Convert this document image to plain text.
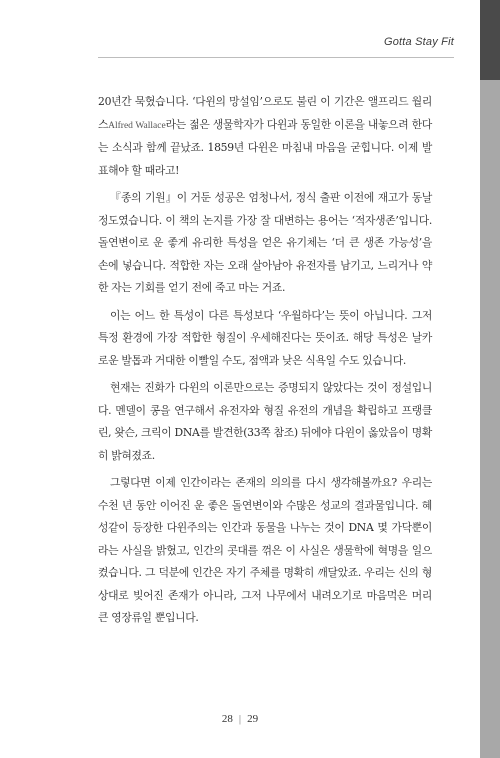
Gotta Stay Fit

20년간 묵혔습니다. ‘다윈의 망설임’으로도 불린 이 기간은 앨프리드 월리스Alfred Wallace라는 젊은 생물학자가 다윈과 동일한 이론을 내놓으려 한다는 소식과 함께 끝났죠. 1859년 다윈은 마침내 마음을 굳힙니다. 이제 발표해야 할 때라고!

『종의 기원』이 거둔 성공은 엄청나서, 정식 출판 이전에 재고가 동날 정도였습니다. 이 책의 논지를 가장 잘 대변하는 용어는 ‘적자생존’입니다. 돌연변이로 운 좋게 유리한 특성을 얻은 유기체는 ‘더 큰 생존 가능성’을 손에 넣습니다. 적합한 자는 오래 살아남아 유전자를 남기고, 느리거나 약한 자는 기회를 얻기 전에 죽고 마는 거죠.

이는 어느 한 특성이 다른 특성보다 ‘우월하다’는 뜻이 아닙니다. 그저 특정 환경에 가장 적합한 형질이 우세해진다는 뜻이죠. 해당 특성은 날카로운 발톱과 거대한 이빨일 수도, 점액과 낮은 식욕일 수도 있습니다.

현재는 진화가 다윈의 이론만으로는 증명되지 않았다는 것이 정설입니다. 멘델이 콩을 연구해서 유전자와 형질 유전의 개념을 확립하고 프랭클린, 왓슨, 크릭이 DNA를 발견한(33쪽 참조) 뒤에야 다윈이 옳았음이 명확히 밝혀졌죠.

그렇다면 이제 인간이라는 존재의 의의를 다시 생각해볼까요? 우리는 수천 년 동안 이어진 운 좋은 돌연변이와 수많은 성교의 결과물입니다. 혜성같이 등장한 다윈주의는 인간과 동물을 나누는 것이 DNA 몇 가닥뿐이라는 사실을 밝혔고, 인간의 콧대를 꺾은 이 사실은 생물학에 혁명을 일으켰습니다. 그 덕분에 인간은 자기 주체를 명확히 깨달았죠. 우리는 신의 형상대로 빚어진 존재가 아니라, 그저 나무에서 내려오기로 마음먹은 머리 큰 영장류일 뿐입니다.

28 | 29
